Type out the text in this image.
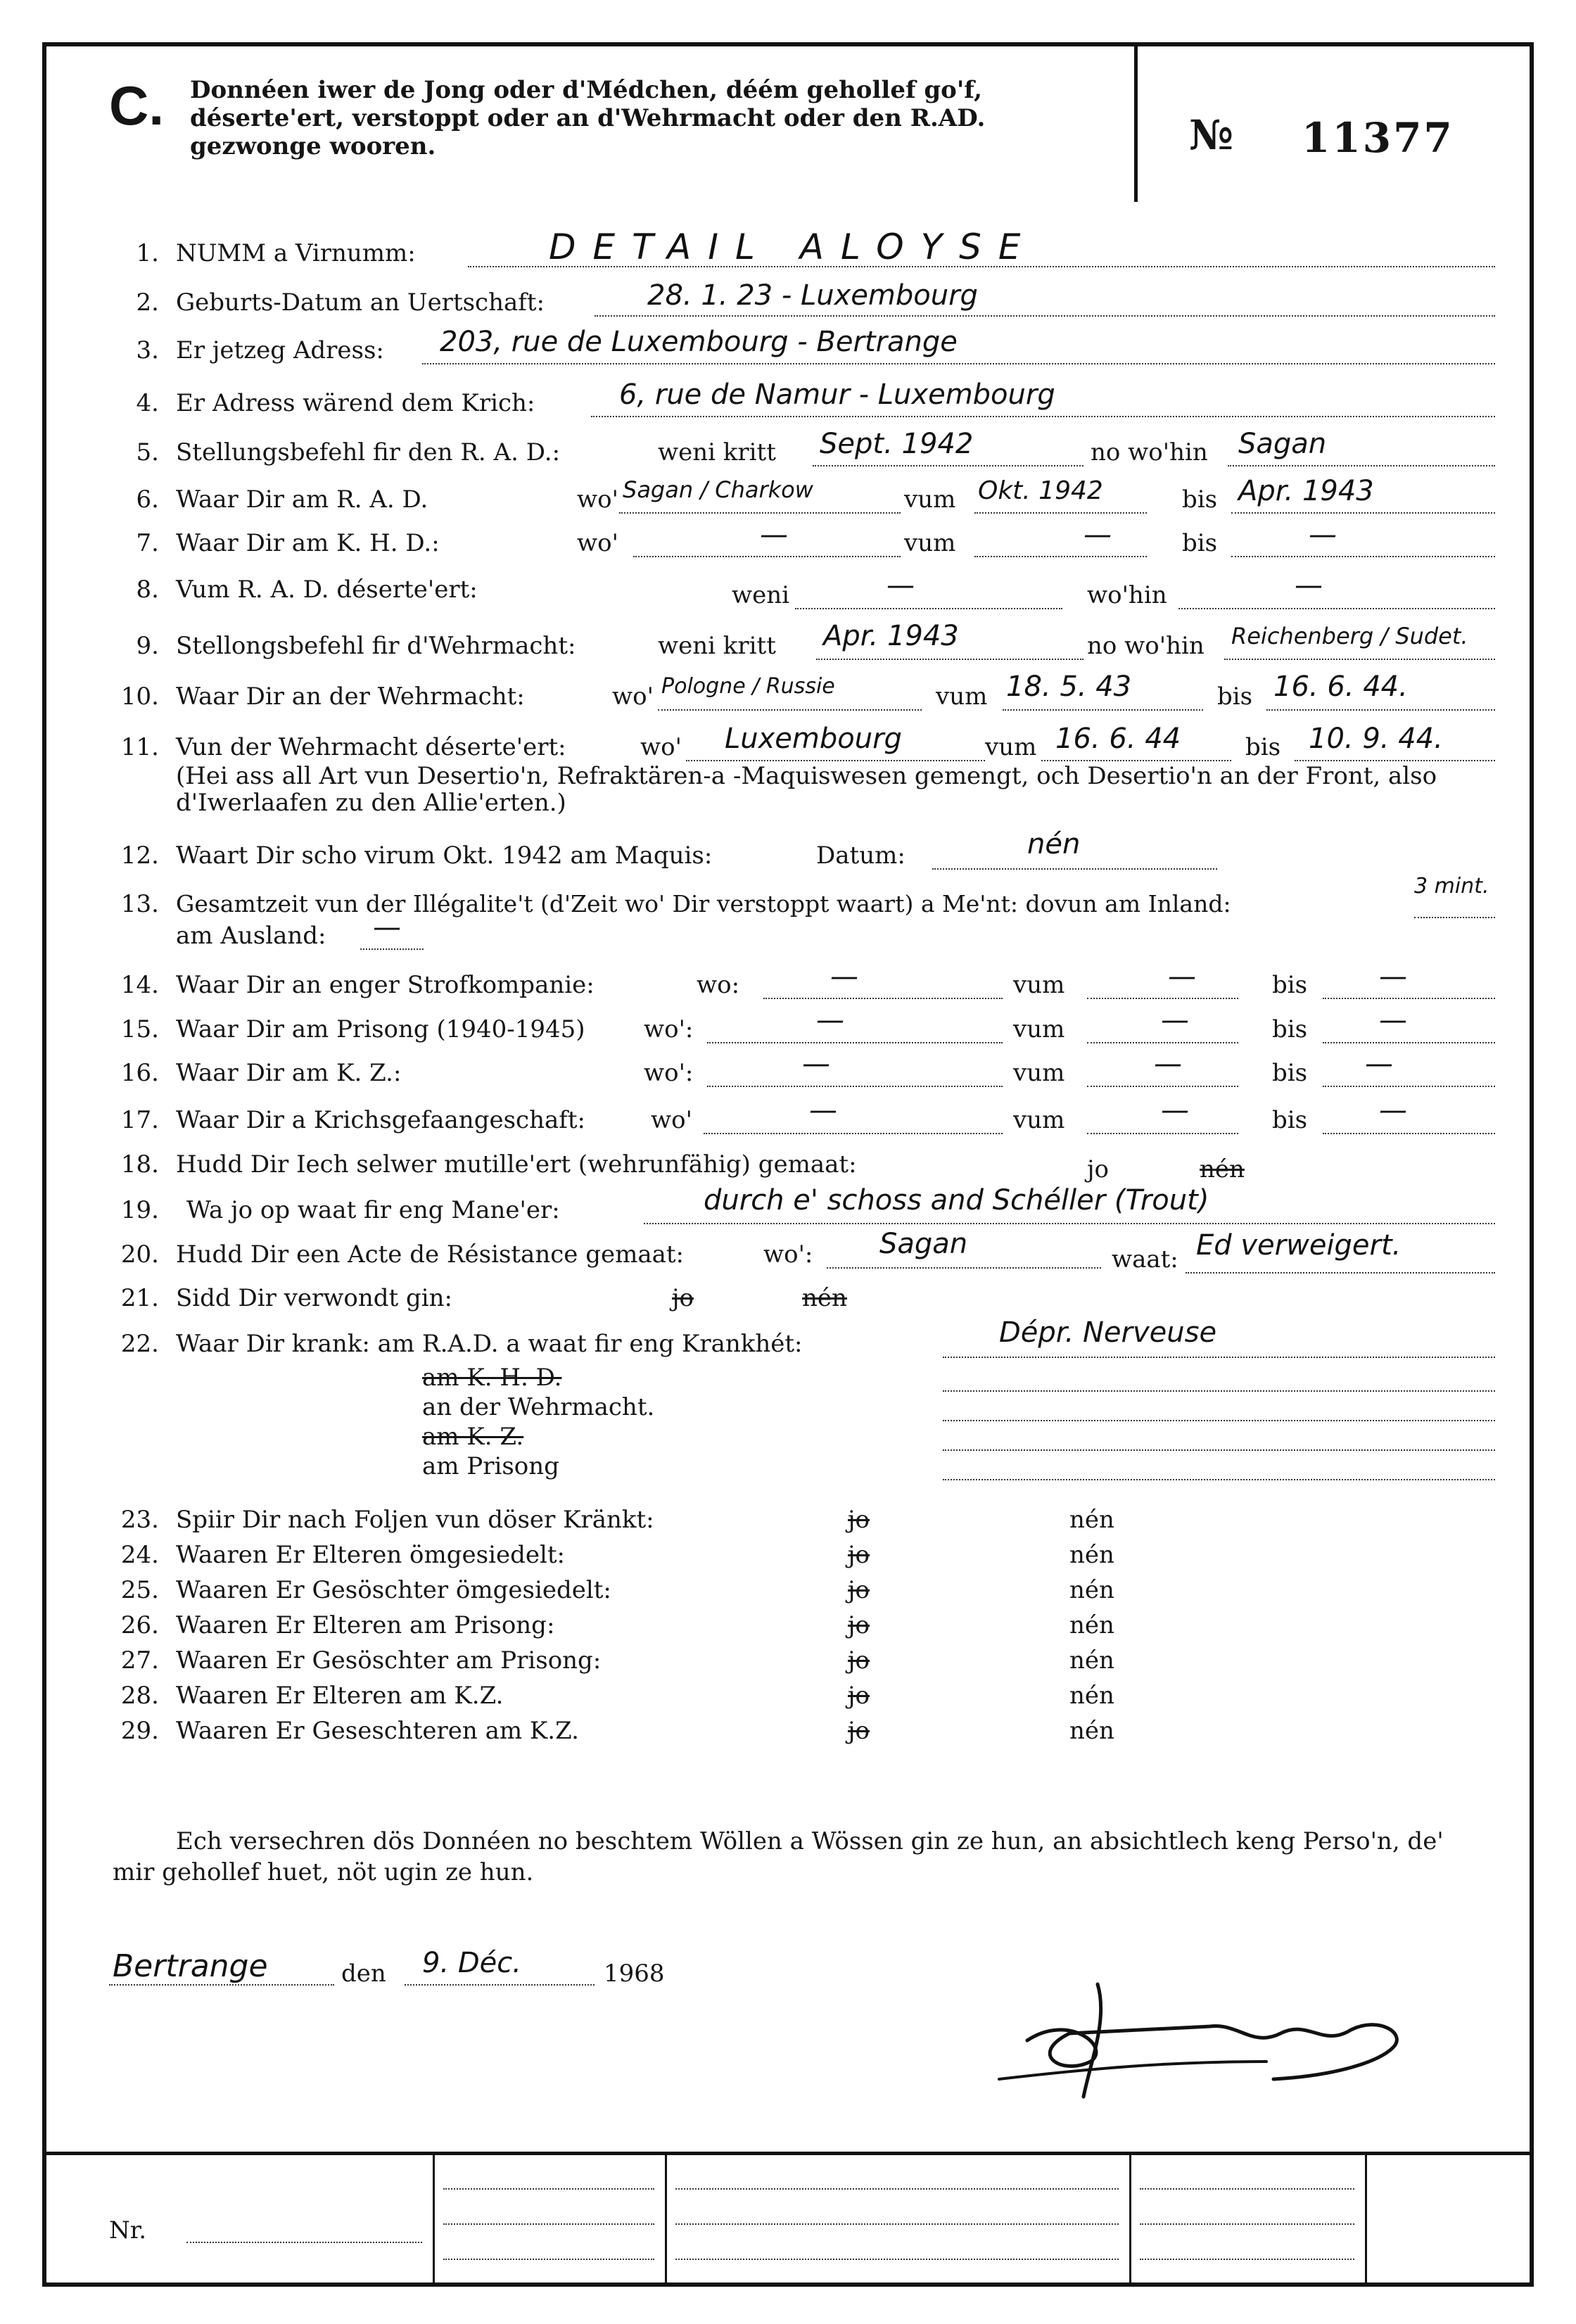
C. Donnéen iwer de Jong oder d'Médchen, déém gehollef go'f, déserte'ert, verstoppt oder an d'Wehrmacht oder den R.AD. gezwonge wooren.	№ 11377
1. NUMM a Virnumm:	DETAIL ALOYSE
2. Geburts-Datum an Uertschaft:	28. 1. 23 - Luxembourg
3. Er jetzeg Adress: 203, rue de Luxembourg - Bertrange
4. Er Adress wärend dem Krich:	6, rue de Namur - Luxembourg
5. Stellungsbefehl fir den R. A. D.:	weni kritt Sept. 1942	no wo'hin Sagan
6. Waar Dir am R. A. D.	wo' Sagan / Charkow	vum Okt. 1942	bis Apr. 1943
7. Waar Dir am K. H. D.:	wo'	—	vum	—	bis	—
8. Vum R. A. D. déserte'ert:	weni	—	wo'hin	—
9. Stellongsbefehl fir d'Wehrmacht:	weni kritt Apr. 1943	no wo'hin Reichenberg / Sudet.
10. Waar Dir an der Wehrmacht:	wo' Pologne / Russie	vum 18. 5. 43	bis 16. 6. 44.
11. Vun der Wehrmacht déserte'ert:	wo' Luxembourg	vum 16. 6. 44	bis 10. 9. 44.
(Hei ass all Art vun Desertio'n, Refraktären-a -Maquiswesen gemengt, och Desertio'n an der Front, also d'Iwerlaafen zu den Allie'erten.)
12. Waart Dir scho virum Okt. 1942 am Maquis:	Datum:	nén
13. Gesamtzeit vun der Illégalite't (d'Zeit wo' Dir verstoppt waart) a Me'nt: dovun am Inland:
3 mint.
am Ausland: —
14. Waar Dir an enger Strofkompanie:	wo:	—	vum	—	bis	—
15. Waar Dir am Prisong (1940-1945) wo':	—	vum	—	bis	—
16. Waar Dir am K. Z.:	wo':	—	vum	—	bis —
17. Waar Dir a Krichsgefaangeschaft:	wo'	—	vum	—	bis	—
18. Hudd Dir Iech selwer mutille'ert (wehrunfähig) gemaat:	jo	nén
19. Wa jo op waat fir eng Mane'er:	durch e' schoss and Schéller (Trout)
20. Hudd Dir een Acte de Résistance gemaat:	wo': Sagan	waat: Ed verweigert.
21. Sidd Dir verwondt gin:	jo	nén
22. Waar Dir krank: am R.A.D. a waat fir eng Krankhét:	Dépr. Nerveuse
am K. H. D.
an der Wehrmacht.
am K. Z.
am Prisong
23. Spiir Dir nach Foljen vun döser Kränkt:	jo	nén
24. Waaren Er Elteren ömgesiedelt:	jo	nén
25. Waaren Er Gesöschter ömgesiedelt:	jo	nén
26. Waaren Er Elteren am Prisong:	jo	nén
27. Waaren Er Gesöschter am Prisong:	jo	nén
28. Waaren Er Elteren am K.Z.	jo	nén
29. Waaren Er Geseschteren am K.Z.	jo	nén
Ech versechren dös Donnéen no beschtem Wöllen a Wössen gin ze hun, an absichtlech keng Perso'n, de' mir gehollef huet, nöt ugin ze hun.
Bertrange	den 9. Déc.	1968
Nr.
